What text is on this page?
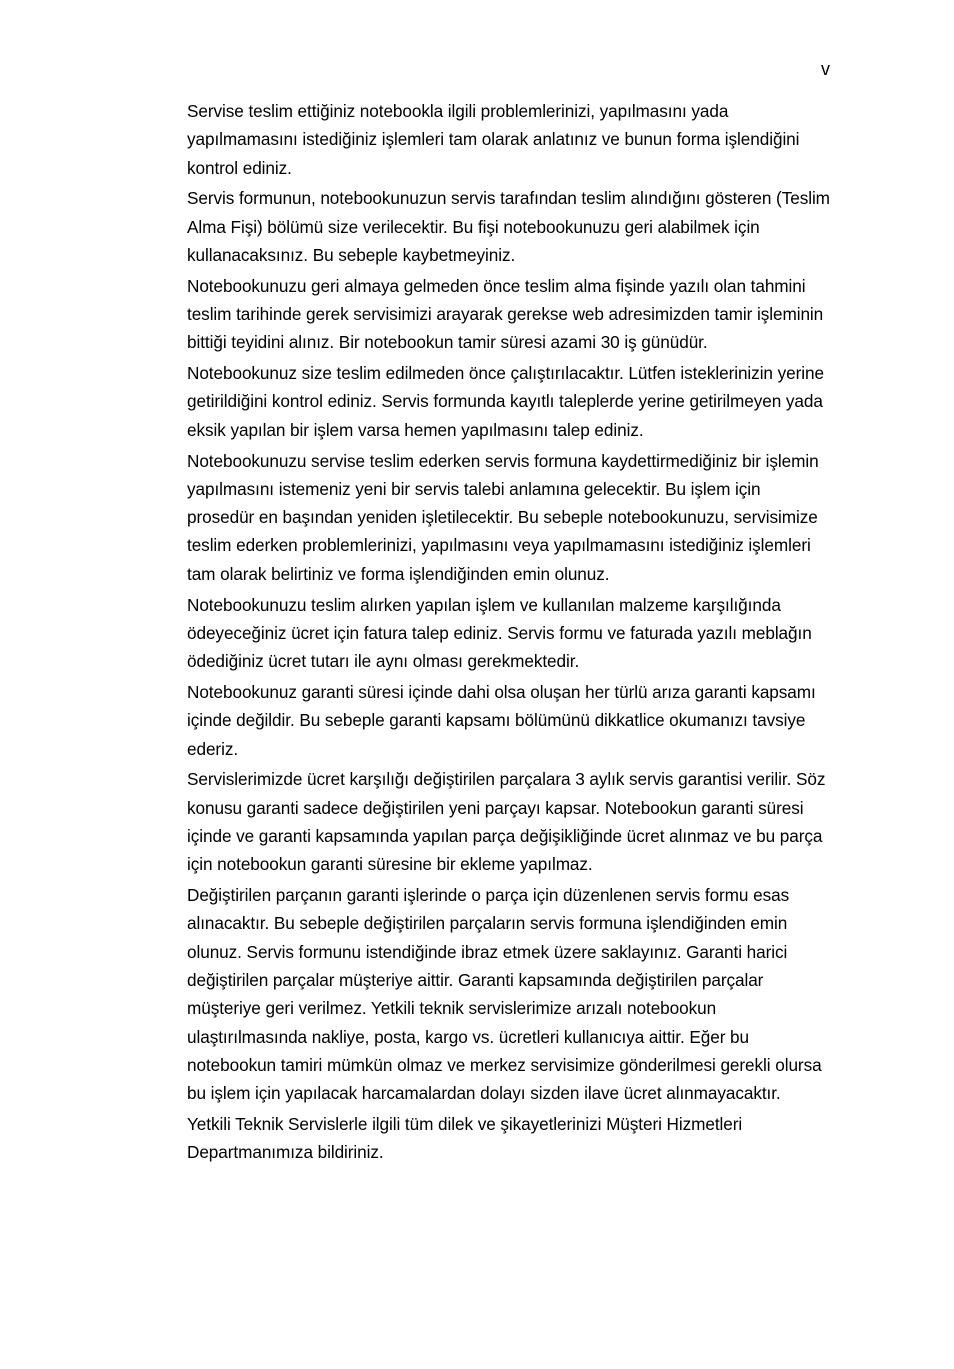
v

Servise teslim ettiğiniz notebookla ilgili problemlerinizi, yapılmasını yada yapılmamasını istediğiniz işlemleri tam olarak anlatınız ve bunun forma işlendiğini kontrol ediniz.

Servis formunun, notebookunuzun servis tarafından teslim alındığını gösteren (Teslim Alma Fişi) bölümü size verilecektir. Bu fişi notebookunuzu geri alabilmek için kullanacaksınız. Bu sebeple kaybetmeyiniz.

Notebookunuzu geri almaya gelmeden önce teslim alma fişinde yazılı olan tahmini teslim tarihinde gerek servisimizi arayarak gerekse web adresimizden tamir işleminin bittiği teyidini alınız. Bir notebookun tamir süresi azami 30 iş günüdür.

Notebookunuz size teslim edilmeden önce çalıştırılacaktır. Lütfen isteklerinizin yerine getirildiğini kontrol ediniz. Servis formunda kayıtlı taleplerde yerine getirilmeyen yada eksik yapılan bir işlem varsa hemen yapılmasını talep ediniz.

Notebookunuzu servise teslim ederken servis formuna kaydettirmediğiniz bir işlemin yapılmasını istemeniz yeni bir servis talebi anlamına gelecektir. Bu işlem için prosedür en başından yeniden işletilecektir. Bu sebeple notebookunuzu, servisimize teslim ederken problemlerinizi, yapılmasını veya yapılmamasını istediğiniz işlemleri tam olarak belirtiniz ve forma işlendiğinden emin olunuz.

Notebookunuzu teslim alırken yapılan işlem ve kullanılan malzeme karşılığında ödeyeceğiniz ücret için fatura talep ediniz. Servis formu ve faturada yazılı meblağın ödediğiniz ücret tutarı ile aynı olması gerekmektedir.

Notebookunuz garanti süresi içinde dahi olsa oluşan her türlü arıza garanti kapsamı içinde değildir. Bu sebeple garanti kapsamı bölümünü dikkatlice okumanızı tavsiye ederiz.

Servislerimizde ücret karşılığı değiştirilen parçalara 3 aylık servis garantisi verilir. Söz konusu garanti sadece değiştirilen yeni parçayı kapsar. Notebookun garanti süresi içinde ve garanti kapsamında yapılan parça değişikliğinde ücret alınmaz ve bu parça için notebookun garanti süresine bir ekleme yapılmaz.

Değiştirilen parçanın garanti işlerinde o parça için düzenlenen servis formu esas alınacaktır. Bu sebeple değiştirilen parçaların servis formuna işlendiğinden emin olunuz. Servis formunu istendiğinde ibraz etmek üzere saklayınız. Garanti harici değiştirilen parçalar müşteriye aittir. Garanti kapsamında değiştirilen parçalar müşteriye geri verilmez. Yetkili teknik servislerimize arızalı notebookun ulaştırılmasında nakliye, posta, kargo vs. ücretleri kullanıcıya aittir. Eğer bu notebookun tamiri mümkün olmaz ve merkez servisimize gönderilmesi gerekli olursa bu işlem için yapılacak harcamalardan dolayı sizden ilave ücret alınmayacaktır.

Yetkili Teknik Servislerle ilgili tüm dilek ve şikayetlerinizi Müşteri Hizmetleri Departmanımıza bildiriniz.
